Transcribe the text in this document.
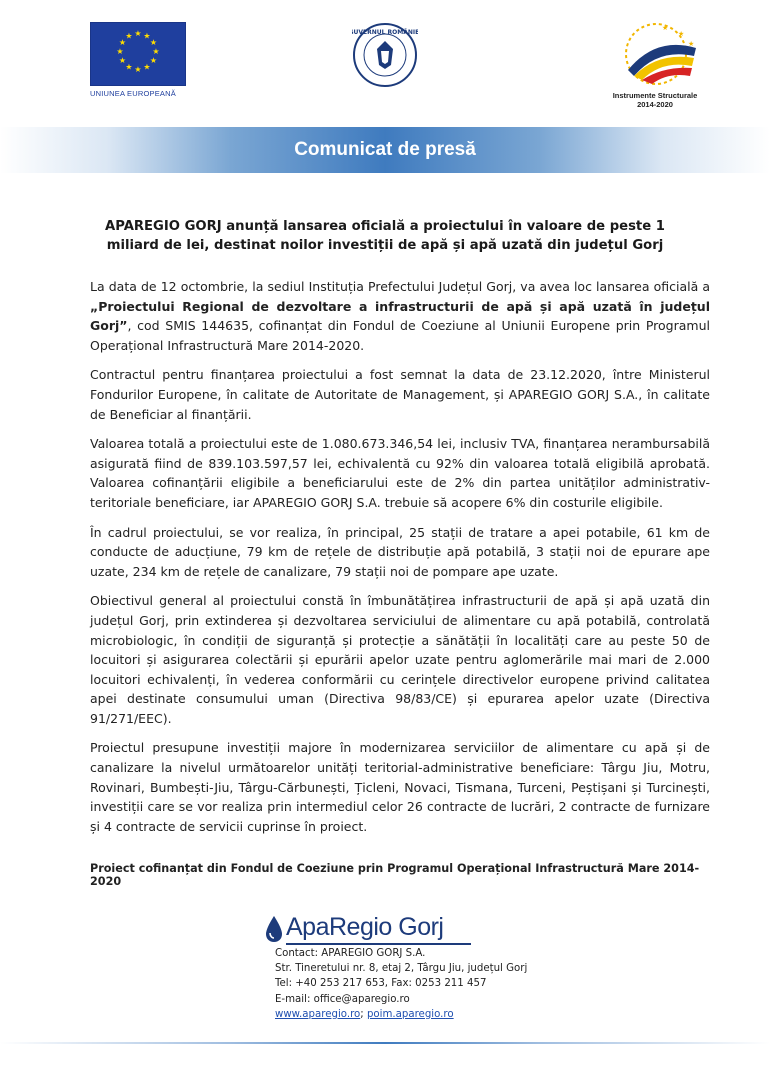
★ ★
★
★
★
★
★
★
★
★
★
★
UNIUNEA EUROPEANĂ
GUVERNUL ROMÂNIEI
★
★
★
Instrumente Structurale
2014-2020
Comunicat de presă
APAREGIO GORJ anunță lansarea oficială a proiectului în valoare de peste 1 miliard de lei, destinat noilor investiții de apă și apă uzată din județul Gorj

La data de 12 octombrie, la sediul Instituția Prefectului Județul Gorj, va avea loc lansarea oficială a „Proiectului Regional de dezvoltare a infrastructurii de apă și apă uzată în județul Gorj”, cod SMIS 144635, cofinanțat din Fondul de Coeziune al Uniunii Europene prin Programul Operațional Infrastructură Mare 2014-2020.

Contractul pentru finanțarea proiectului a fost semnat la data de 23.12.2020, între Ministerul Fondurilor Europene, în calitate de Autoritate de Management, și APAREGIO GORJ S.A., în calitate de Beneficiar al finanțării.

Valoarea totală a proiectului este de 1.080.673.346,54 lei, inclusiv TVA, finanțarea nerambursabilă asigurată fiind de 839.103.597,57 lei, echivalentă cu 92% din valoarea totală eligibilă aprobată. Valoarea cofinanțării eligibile a beneficiarului este de 2% din partea unităților administrativ-teritoriale beneficiare, iar APAREGIO GORJ S.A. trebuie să acopere 6% din costurile eligibile.

În cadrul proiectului, se vor realiza, în principal, 25 stații de tratare a apei potabile, 61 km de conducte de aducțiune, 79 km de rețele de distribuție apă potabilă, 3 stații noi de epurare ape uzate, 234 km de rețele de canalizare, 79 stații noi de pompare ape uzate.

Obiectivul general al proiectului constă în îmbunătățirea infrastructurii de apă și apă uzată din județul Gorj, prin extinderea și dezvoltarea serviciului de alimentare cu apă potabilă, controlată microbiologic, în condiții de siguranță și protecție a sănătății în localități care au peste 50 de locuitori și asigurarea colectării și epurării apelor uzate pentru aglomerările mai mari de 2.000 locuitori echivalenți, în vederea conformării cu cerințele directivelor europene privind calitatea apei destinate consumului uman (Directiva 98/83/CE) și epurarea apelor uzate (Directiva 91/271/EEC).

Proiectul presupune investiții majore în modernizarea serviciilor de alimentare cu apă și de canalizare la nivelul următoarelor unități teritorial-administrative beneficiare: Târgu Jiu, Motru, Rovinari, Bumbești-Jiu, Târgu-Cărbunești, Țicleni, Novaci, Tismana, Turceni, Peștișani și Turcinești, investiții care se vor realiza prin intermediul celor 26 contracte de lucrări, 2 contracte de furnizare și 4 contracte de servicii cuprinse în proiect.

Proiect cofinanțat din Fondul de Coeziune prin Programul Operațional Infrastructură Mare 2014-2020
ApaRegio Gorj
Contact: APAREGIO GORJ S.A.
Str. Tineretului nr. 8, etaj 2, Târgu Jiu, județul Gorj
Tel: +40 253 217 653, Fax: 0253 211 457
E-mail: office@aparegio.ro
www.aparegio.ro; poim.aparegio.ro
